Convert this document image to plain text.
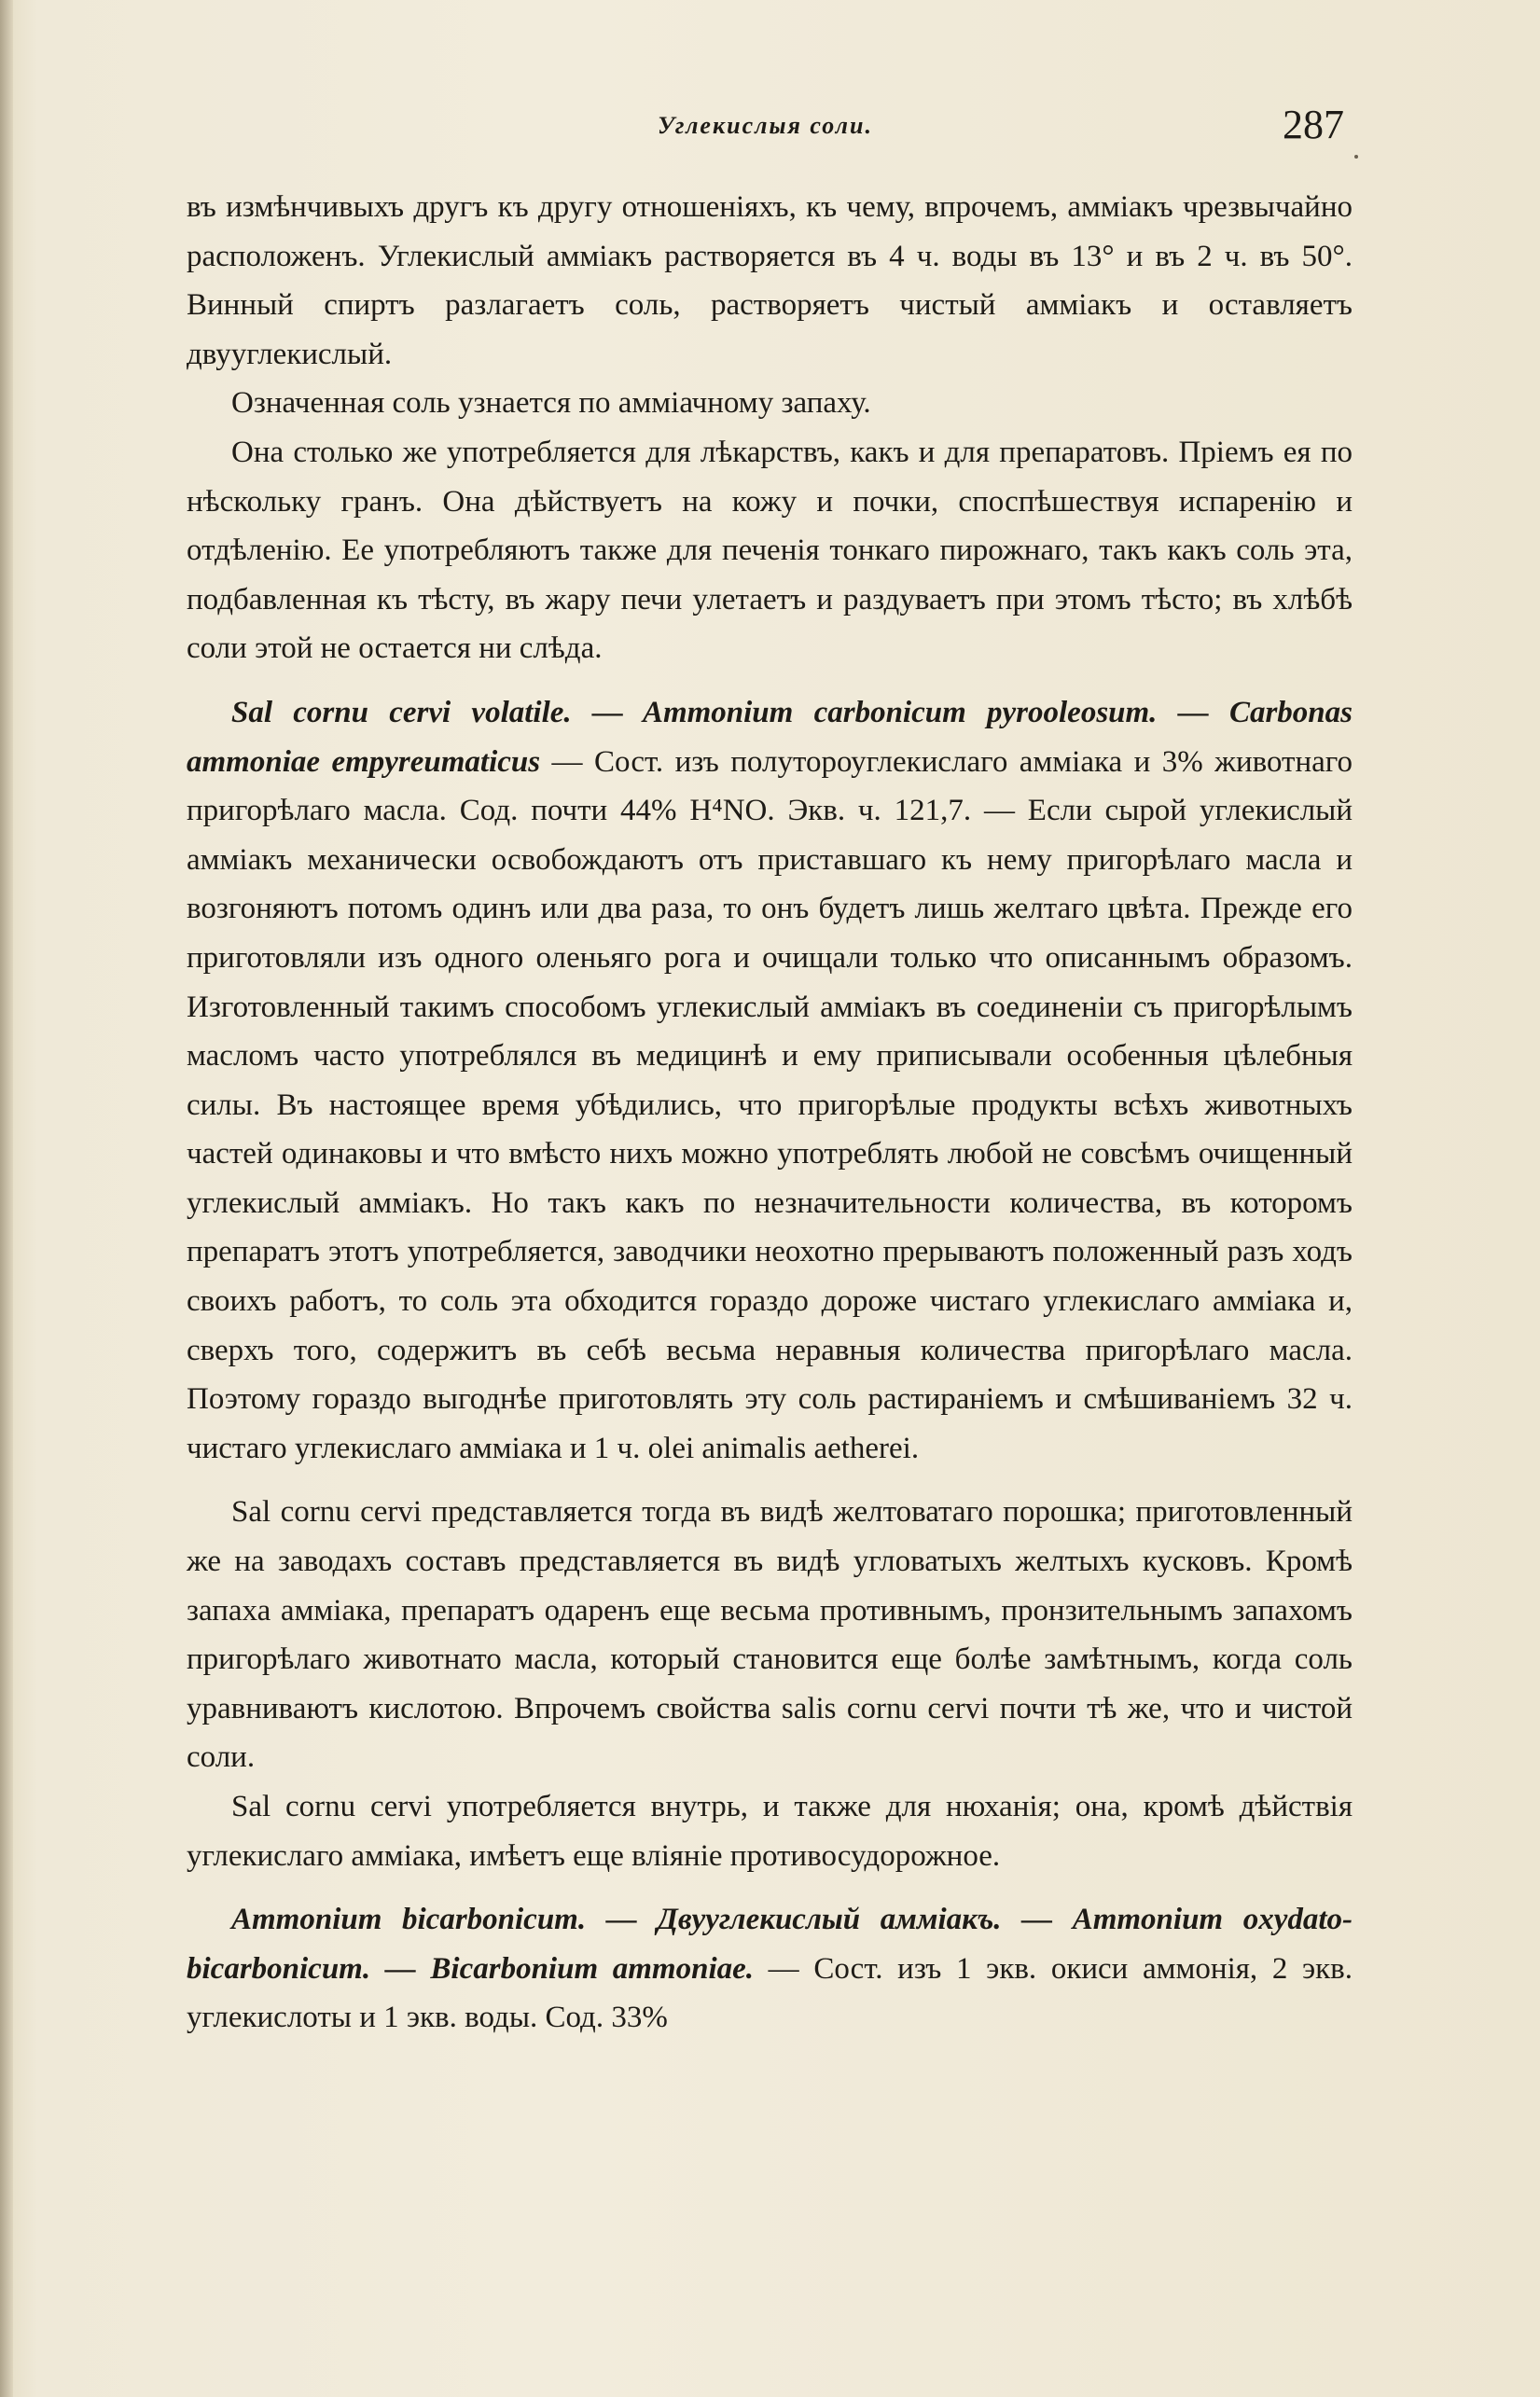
Углекислыя соли.	287

въ измѣнчивыхъ другъ къ другу отношеніяхъ, къ чему, впрочемъ, амміакъ чрезвычайно расположенъ. Углекислый амміакъ растворяется въ 4 ч. воды въ 13° и въ 2 ч. въ 50°. Винный спиртъ разлагаетъ соль, растворяетъ чистый амміакъ и оставляетъ двууглекислый.

Означенная соль узнается по амміачному запаху.

Она столько же употребляется для лѣкарствъ, какъ и для препаратовъ. Пріемъ ея по нѣскольку гранъ. Она дѣйствуетъ на кожу и почки, споспѣшествуя испаренію и отдѣленію. Ее употребляютъ также для печенія тонкаго пирожнаго, такъ какъ соль эта, подбавленная къ тѣсту, въ жару печи улетаетъ и раздуваетъ при этомъ тѣсто; въ хлѣбѣ соли этой не остается ни слѣда.

Sal cornu cervi volatile. — Ammonium carbonicum pyrooleosum. — Carbonas ammoniae empyreumaticus — Сост. изъ полутороуглекислаго амміака и 3% животнаго пригорѣлаго масла. Сод. почти 44% H⁴NO. Экв. ч. 121,7. — Если сырой углекислый амміакъ механически освобождаютъ отъ приставшаго къ нему пригорѣлаго масла и возгоняютъ потомъ одинъ или два раза, то онъ будетъ лишь желтаго цвѣта. Прежде его приготовляли изъ одного оленьяго рога и очищали только что описаннымъ образомъ. Изготовленный такимъ способомъ углекислый амміакъ въ соединеніи съ пригорѣлымъ масломъ часто употреблялся въ медицинѣ и ему приписывали особенныя цѣлебныя силы. Въ настоящее время убѣдились, что пригорѣлые продукты всѣхъ животныхъ частей одинаковы и что вмѣсто нихъ можно употреблять любой не совсѣмъ очищенный углекислый амміакъ. Но такъ какъ по незначительности количества, въ которомъ препаратъ этотъ употребляется, заводчики неохотно прерываютъ положенный разъ ходъ своихъ работъ, то соль эта обходится гораздо дороже чистаго углекислаго амміака и, сверхъ того, содержитъ въ себѣ весьма неравныя количества пригорѣлаго масла. Поэтому гораздо выгоднѣе приготовлять эту соль растираніемъ и смѣшиваніемъ 32 ч. чистаго углекислаго амміака и 1 ч. olei animalis aetherei.

Sal cornu cervi представляется тогда въ видѣ желтоватаго порошка; приготовленный же на заводахъ составъ представляется въ видѣ угловатыхъ желтыхъ кусковъ. Кромѣ запаха амміака, препаратъ одаренъ еще весьма противнымъ, пронзительнымъ запахомъ пригорѣлаго животнато масла, который становится еще болѣе замѣтнымъ, когда соль уравниваютъ кислотою. Впрочемъ свойства salis cornu cervi почти тѣ же, что и чистой соли.

Sal cornu cervi употребляется внутрь, и также для нюханія; она, кромѣ дѣйствія углекислаго амміака, имѣетъ еще вліяніе противосудорожное.

Ammonium bicarbonicum. — Двууглекислый амміакъ. — Ammonium oxydato-bicarbonicum. — Bicarbonium ammoniae. — Сост. изъ 1 экв. окиси аммонія, 2 экв. углекислоты и 1 экв. воды. Сод. 33%
